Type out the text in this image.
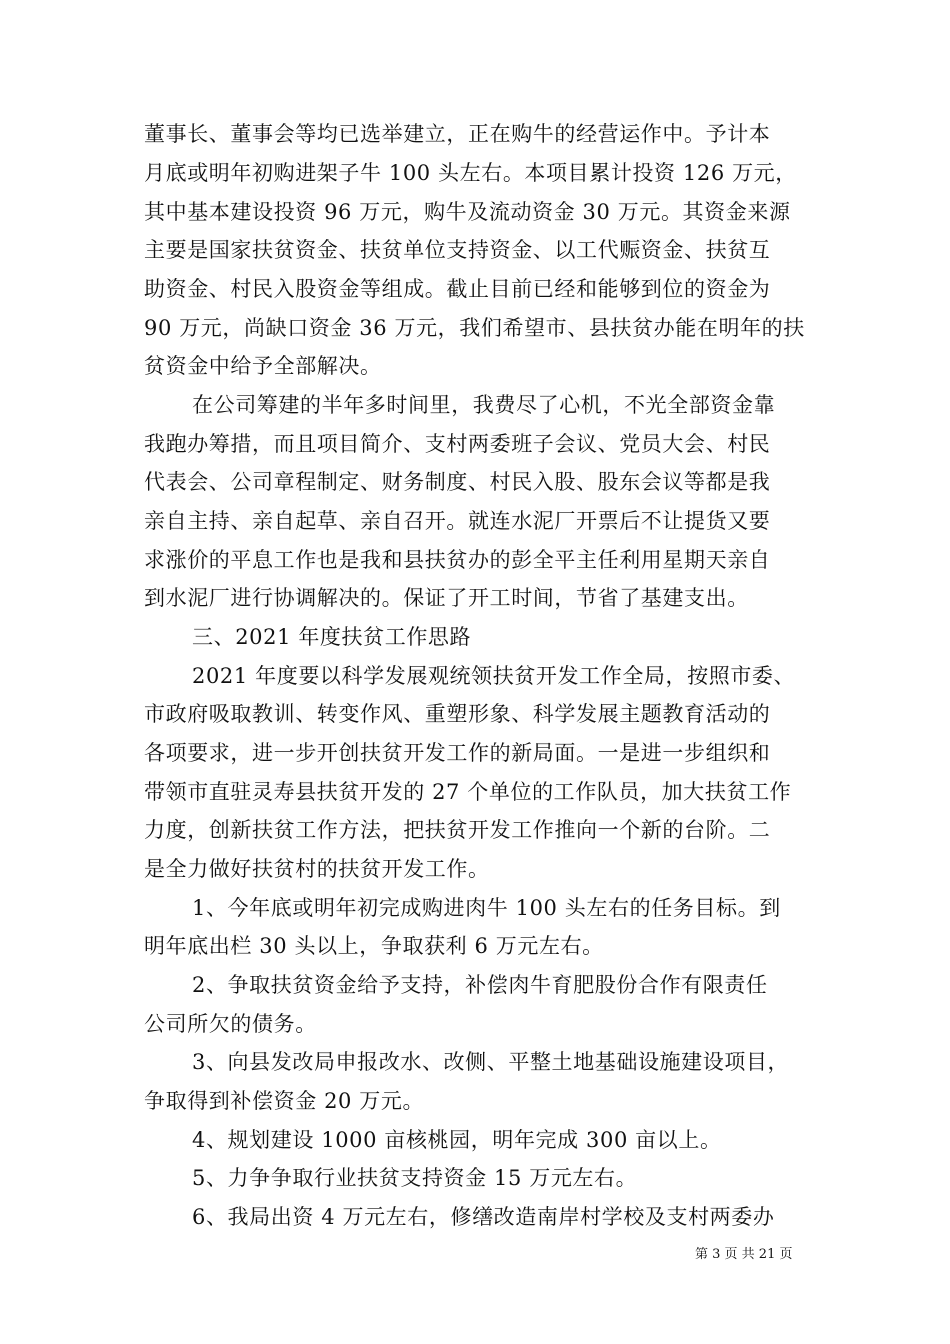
董事长、董事会等均已选举建立，正在购牛的经营运作中。予计本
月底或明年初购进架子牛 100 头左右。本项目累计投资 126 万元，
其中基本建设投资 96 万元，购牛及流动资金 30 万元。其资金来源
主要是国家扶贫资金、扶贫单位支持资金、以工代赈资金、扶贫互
助资金、村民入股资金等组成。截止目前已经和能够到位的资金为
90 万元，尚缺口资金 36 万元，我们希望市、县扶贫办能在明年的扶
贫资金中给予全部解决。
在公司筹建的半年多时间里，我费尽了心机，不光全部资金靠
我跑办筹措，而且项目简介、支村两委班子会议、党员大会、村民
代表会、公司章程制定、财务制度、村民入股、股东会议等都是我
亲自主持、亲自起草、亲自召开。就连水泥厂开票后不让提货又要
求涨价的平息工作也是我和县扶贫办的彭全平主任利用星期天亲自
到水泥厂进行协调解决的。保证了开工时间，节省了基建支出。
三、2021 年度扶贫工作思路
2021 年度要以科学发展观统领扶贫开发工作全局，按照市委、
市政府吸取教训、转变作风、重塑形象、科学发展主题教育活动的
各项要求，进一步开创扶贫开发工作的新局面。一是进一步组织和
带领市直驻灵寿县扶贫开发的 27 个单位的工作队员，加大扶贫工作
力度，创新扶贫工作方法，把扶贫开发工作推向一个新的台阶。二
是全力做好扶贫村的扶贫开发工作。
1、今年底或明年初完成购进肉牛 100 头左右的任务目标。到
明年底出栏 30 头以上，争取获利 6 万元左右。
2、争取扶贫资金给予支持，补偿肉牛育肥股份合作有限责任
公司所欠的债务。
3、向县发改局申报改水、改侧、平整土地基础设施建设项目，
争取得到补偿资金 20 万元。
4、规划建设 1000 亩核桃园，明年完成 300 亩以上。
5、力争争取行业扶贫支持资金 15 万元左右。
6、我局出资 4 万元左右，修缮改造南岸村学校及支村两委办
第 3 页 共 21 页
